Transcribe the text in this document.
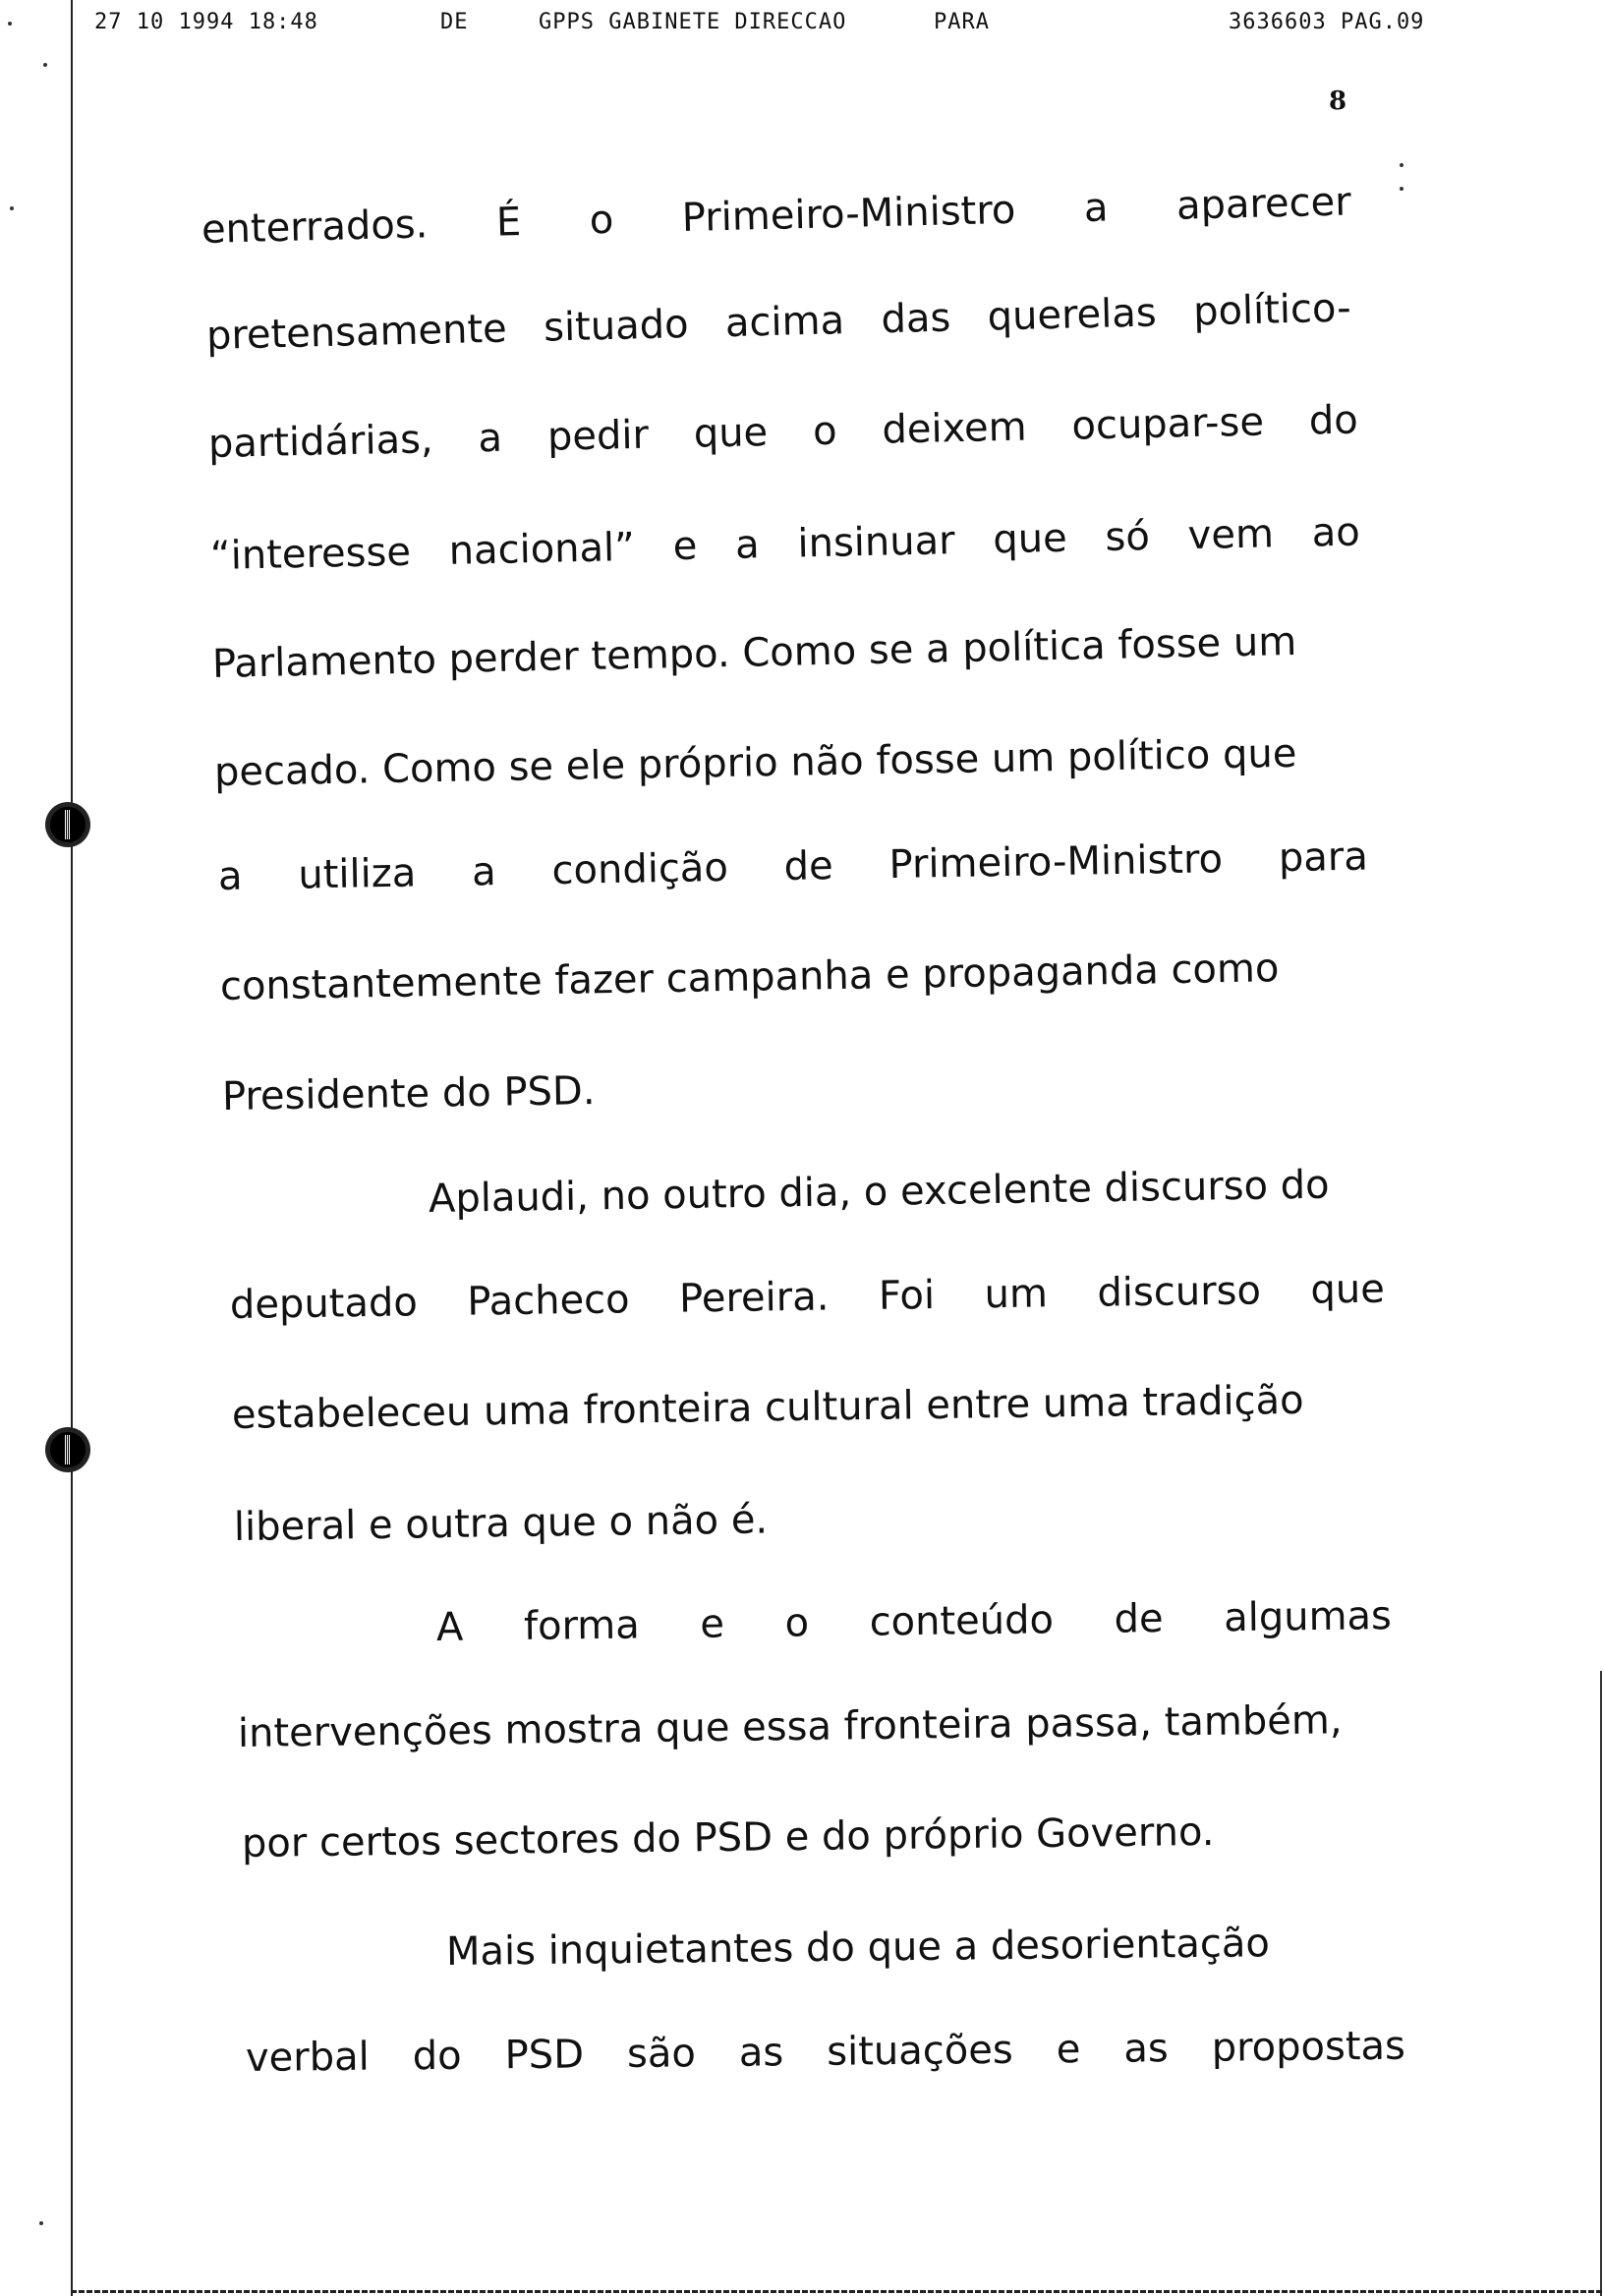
27 10 1994 18:48	DE	GPPS GABINETE DIRECCAO	PARA	3636603 PAG.09
8
enterrados. É o Primeiro-Ministro a aparecer
pretensamente situado acima das querelas político-
partidárias, a pedir que o deixem ocupar-se do
“interesse nacional” e a insinuar que só vem ao
Parlamento perder tempo. Como se a política fosse um
pecado. Como se ele próprio não fosse um político que
a utiliza a condição de Primeiro-Ministro para
constantemente fazer campanha e propaganda como
Presidente do PSD.
Aplaudi, no outro dia, o excelente discurso do
deputado Pacheco Pereira. Foi um discurso que
estabeleceu uma fronteira cultural entre uma tradição
liberal e outra que o não é.
A forma e o conteúdo de algumas
intervenções mostra que essa fronteira passa, também,
por certos sectores do PSD e do próprio Governo.
Mais inquietantes do que a desorientação
verbal do PSD são as situações e as propostas
